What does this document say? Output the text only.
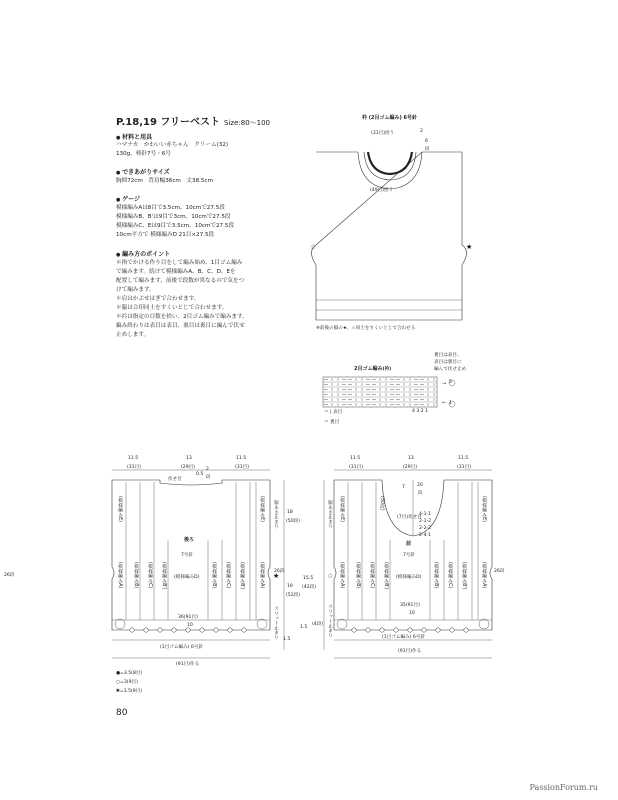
P.18,19 フリーベスト Size:80〜100
● 材料と用具
ハマナカ　かわいい赤ちゃん　クリーム(32)
130g、棒針7号・6号
● できあがりサイズ
胸囲72cm　背肩幅36cm　丈38.5cm
● ゲージ
模様編みAは8目で3.5cm、10cmで27.5段
模様編みB、B'は9目で3cm、10cmで27.5段
模様編みC、Eは9目で3.5cm、10cmで27.5段
10cm平方で 模様編みD 21目×27.5段
● 編み方のポイント
＊指でかける作り目をして編み始め、1目ゴム編み
で編みます。続けて模様編みA、B、C、D、Eを
配置して編みます。前後で段数が異なるので気をつ
けて編みます。
＊肩はかぶせはぎで合わせます。
＊脇は合印同士をすくいとじで合わせます。
＊衿は指定の目数を拾い、2目ゴム編みで編みます。
編み終わりは表目は表目、裏目は裏目に編んで伏せ
止めします。
衿 (2目ゴム編み) 6号針
(31目)拾う	2
6
段
(49目)拾う
☆	★
※前後の脇の★、☆同士をすくいとじで合わせる
2目ゴム編み(衿)
裏目は表目、
表目は裏目に
編んで伏せ止め
→
←
5
1
4 3 2 1
＝ | 表目
＝ 裏目
11.5
(31目)
13
(29目)
11.5
(31目)
伏せ目
0.5
2
段
★
後ろ
7号針
(模様編みD)
36(91目)
10
(1目ゴム編み) 6号針
(91目)作る
(模様編みE)
(模様編みA) (模様編みB) (模様編みC) (模様編みB')	(模様編みB) (模様編みC) (模様編みB')	(模様編みA)
(模様編みE) 脇あき止まり
スリット止まり
26段
18
(50段)
19
(52段)
26段
15.5
(42段)
1.5
(4段)
1.5
11.5
(31目)
13
(29目)
11.5
(31目)
☆
7	20
段
4-1-1
2-1-2
2-2-2
2-4-1
(7目)伏せ目
(30段)
前
7号針
(模様編みD)
35(91目)
10
(1目ゴム編み) 6号針
(91目)作る
(模様編みA) (模様編みB) (模様編みC) (模様編みB')	(模様編みB) (模様編みC) (模様編みB')	(模様編みA)
(模様編みE)
(模様編みE)
脇あき止まり
スリット止まり
26段
●=3.5(8目)
○=3(9目)
✱=3.5(9目)
80
PassionForum.ru
